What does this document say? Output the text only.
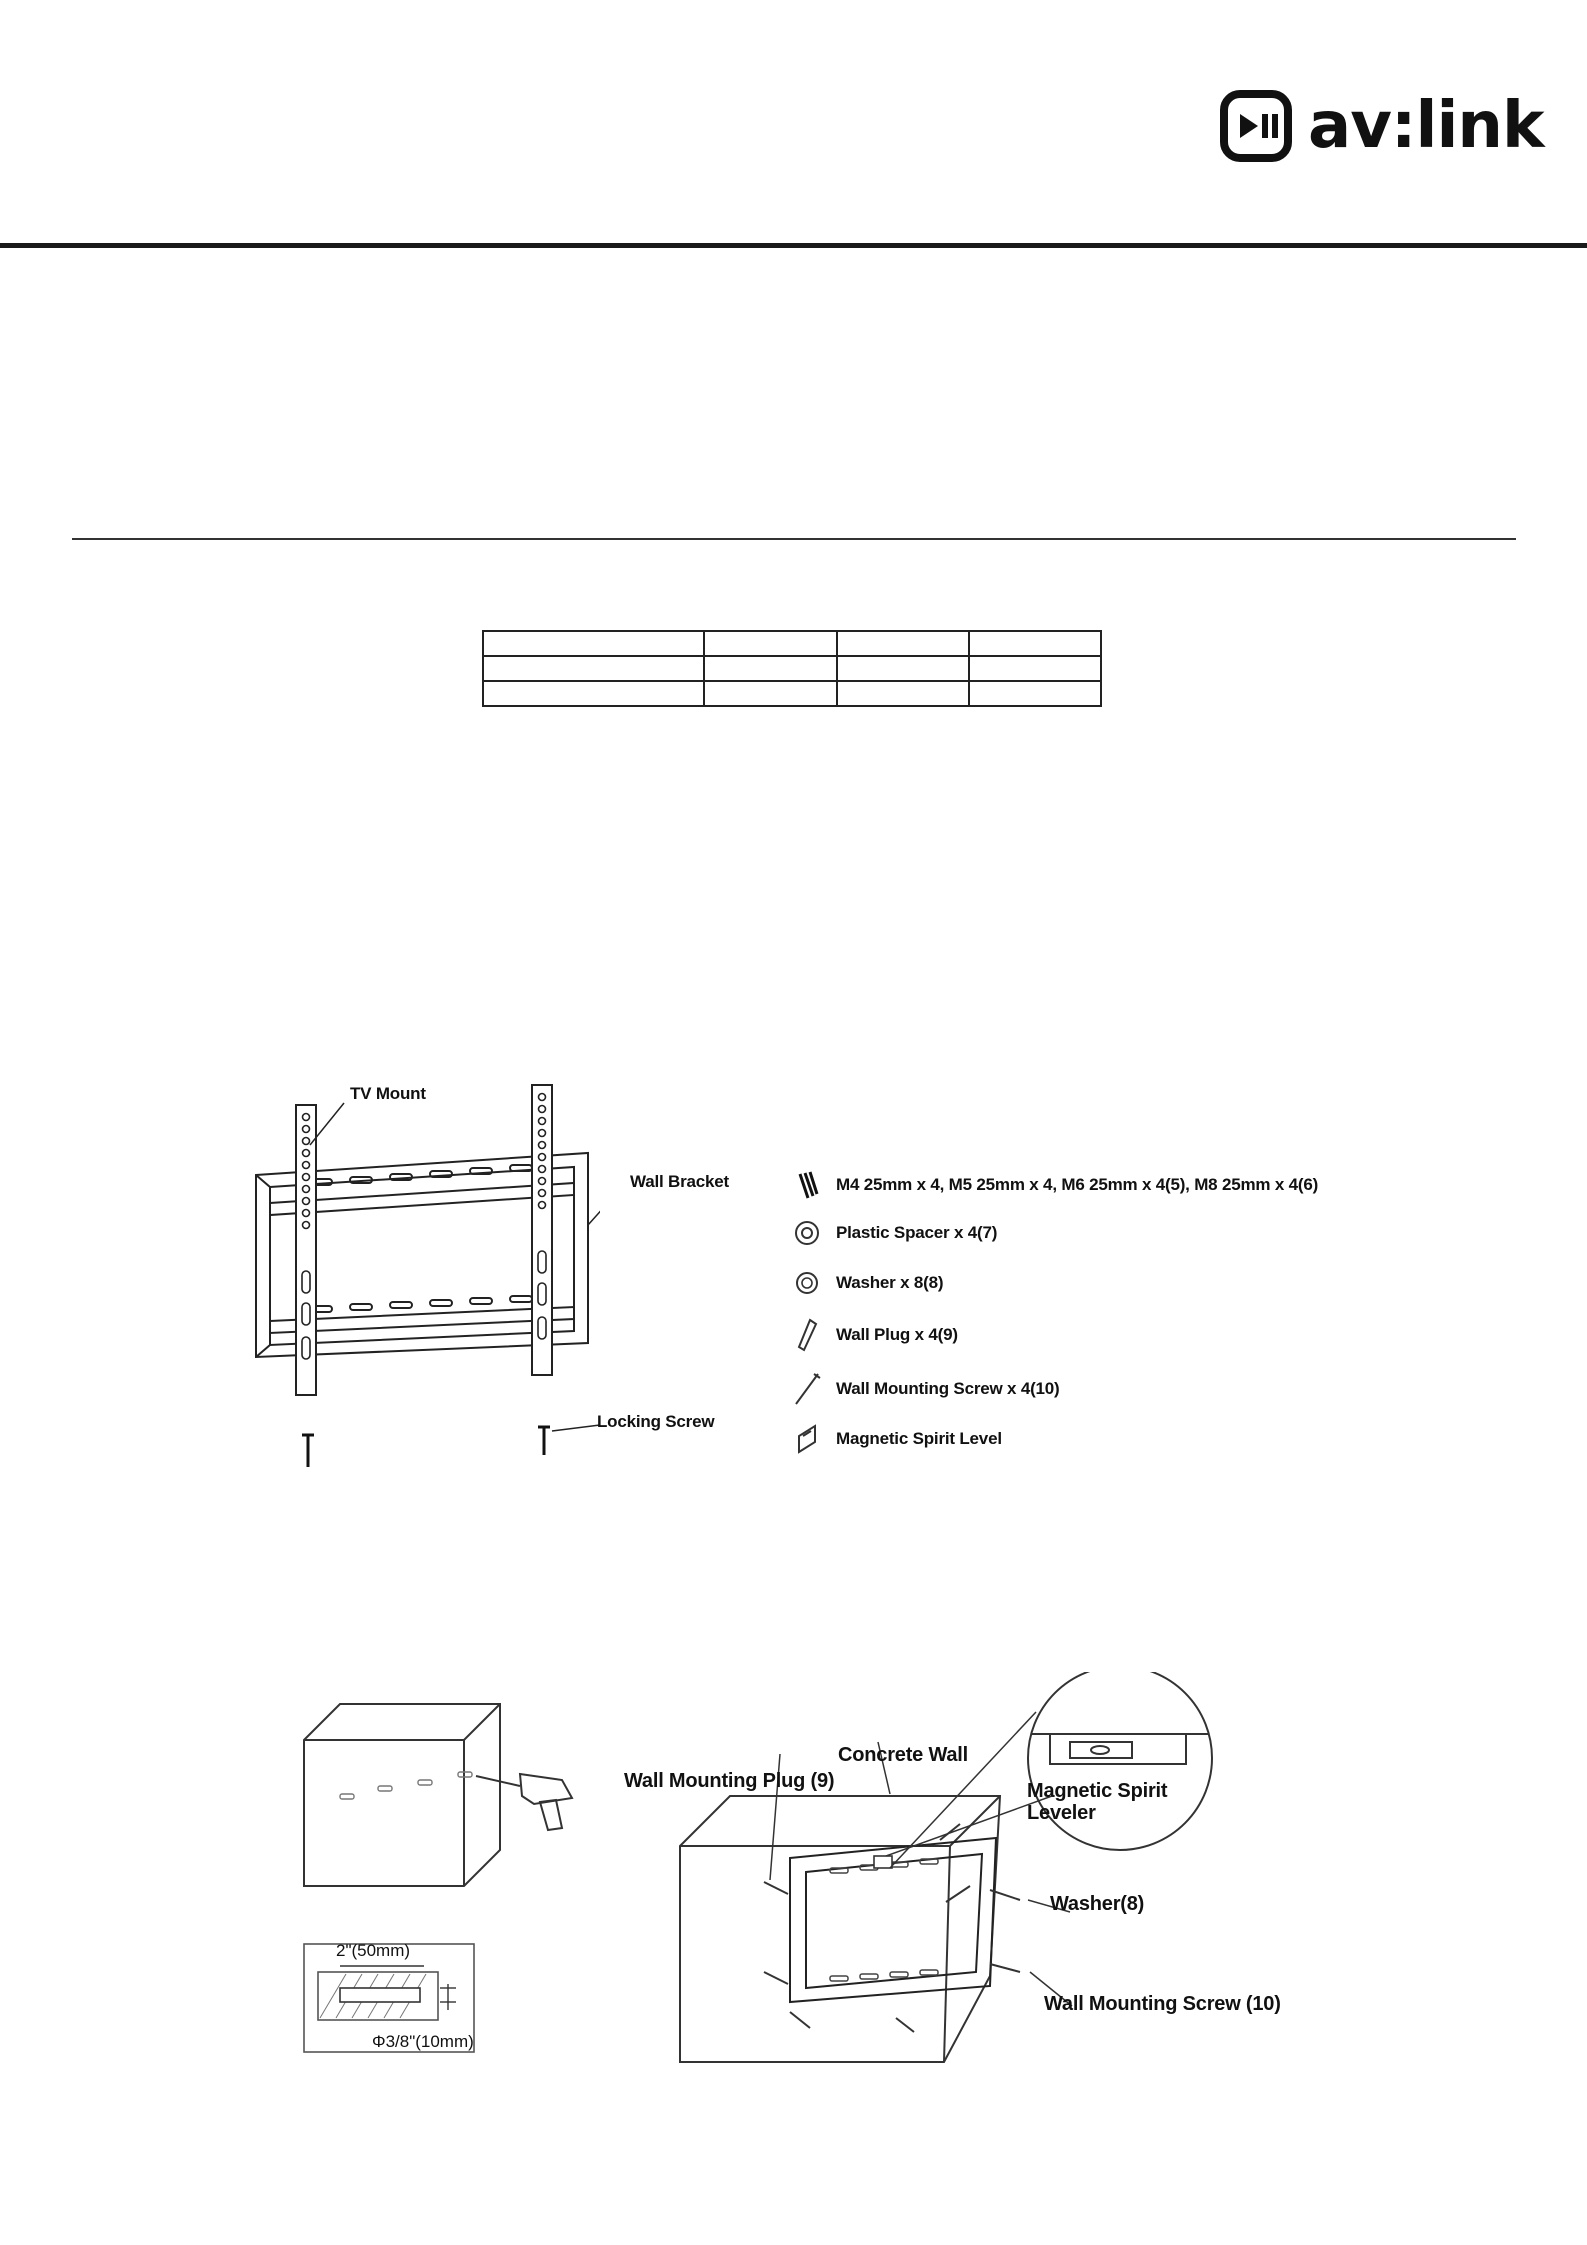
av:link

TV Mount
Wall Bracket
Locking Screw
M4 25mm x 4, M5 25mm x 4, M6 25mm x 4(5), M8 25mm x 4(6)
Plastic Spacer x 4(7)
Washer x 8(8)
Wall Plug x 4(9)
Wall Mounting Screw x 4(10)
Magnetic Spirit Level
2"(50mm)
Φ3/8"(10mm)
Concrete Wall
Wall Mounting Plug (9)	Magnetic Spirit
Leveler
Washer(8)
Wall Mounting Screw (10)
